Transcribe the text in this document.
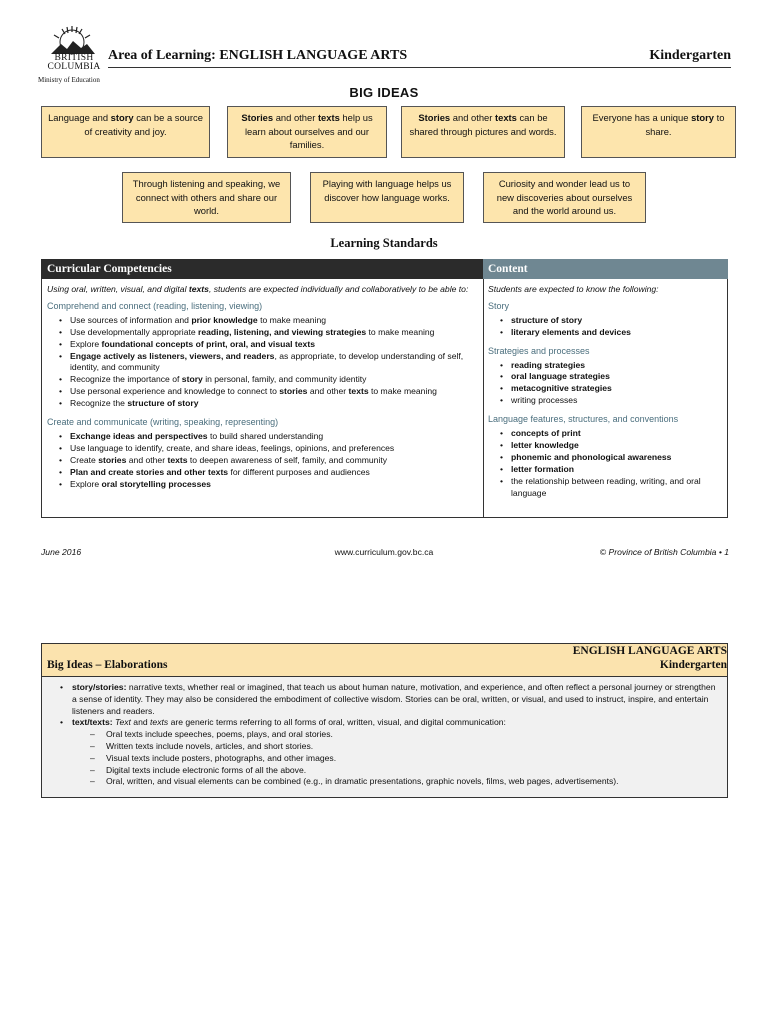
BRITISH
COLUMBIA
Ministry of Education
Area of Learning: ENGLISH LANGUAGE ARTS	Kindergarten
BIG IDEAS
Language and story can be a source of creativity and joy.
Stories and other texts help us learn about ourselves and our families.
Stories and other texts can be shared through pictures and words.
Everyone has a unique story to share.
Through listening and speaking, we connect with others and share our world.
Playing with language helps us discover how language works.
Curiosity and wonder lead us to new discoveries about ourselves and the world around us.
Learning Standards
Curricular Competencies	Content

Using oral, written, visual, and digital texts, students are expected individually and collaboratively to be able to:

Comprehend and connect (reading, listening, viewing)
• Use sources of information and prior knowledge to make meaning
• Use developmentally appropriate reading, listening, and viewing strategies to make meaning
• Explore foundational concepts of print, oral, and visual texts
• Engage actively as listeners, viewers, and readers, as appropriate, to develop understanding of self, identity, and community
• Recognize the importance of story in personal, family, and community identity
• Use personal experience and knowledge to connect to stories and other texts to make meaning
• Recognize the structure of story
Create and communicate (writing, speaking, representing)
• Exchange ideas and perspectives to build shared understanding
• Use language to identify, create, and share ideas, feelings, opinions, and preferences
• Create stories and other texts to deepen awareness of self, family, and community
• Plan and create stories and other texts for different purposes and audiences
• Explore oral storytelling processes

Students are expected to know the following:

Story
• structure of story
• literary elements and devices
Strategies and processes
• reading strategies
• oral language strategies
• metacognitive strategies
• writing processes
Language features, structures, and conventions
• concepts of print
• letter knowledge
• phonemic and phonological awareness
• letter formation
• the relationship between reading, writing, and oral language
June 2016	www.curriculum.gov.bc.ca	© Province of British Columbia • 1
ENGLISH LANGUAGE ARTS
Kindergarten
Big Ideas – Elaborations
• story/stories: narrative texts, whether real or imagined, that teach us about human nature, motivation, and experience, and often reflect a personal journey or strengthen a sense of identity. They may also be considered the embodiment of collective wisdom. Stories can be oral, written, or visual, and used to instruct, inspire, and entertain listeners and readers.
• text/texts: Text and texts are generic terms referring to all forms of oral, written, visual, and digital communication:
– Oral texts include speeches, poems, plays, and oral stories.
– Written texts include novels, articles, and short stories.
– Visual texts include posters, photographs, and other images.
– Digital texts include electronic forms of all the above.
– Oral, written, and visual elements can be combined (e.g., in dramatic presentations, graphic novels, films, web pages, advertisements).
